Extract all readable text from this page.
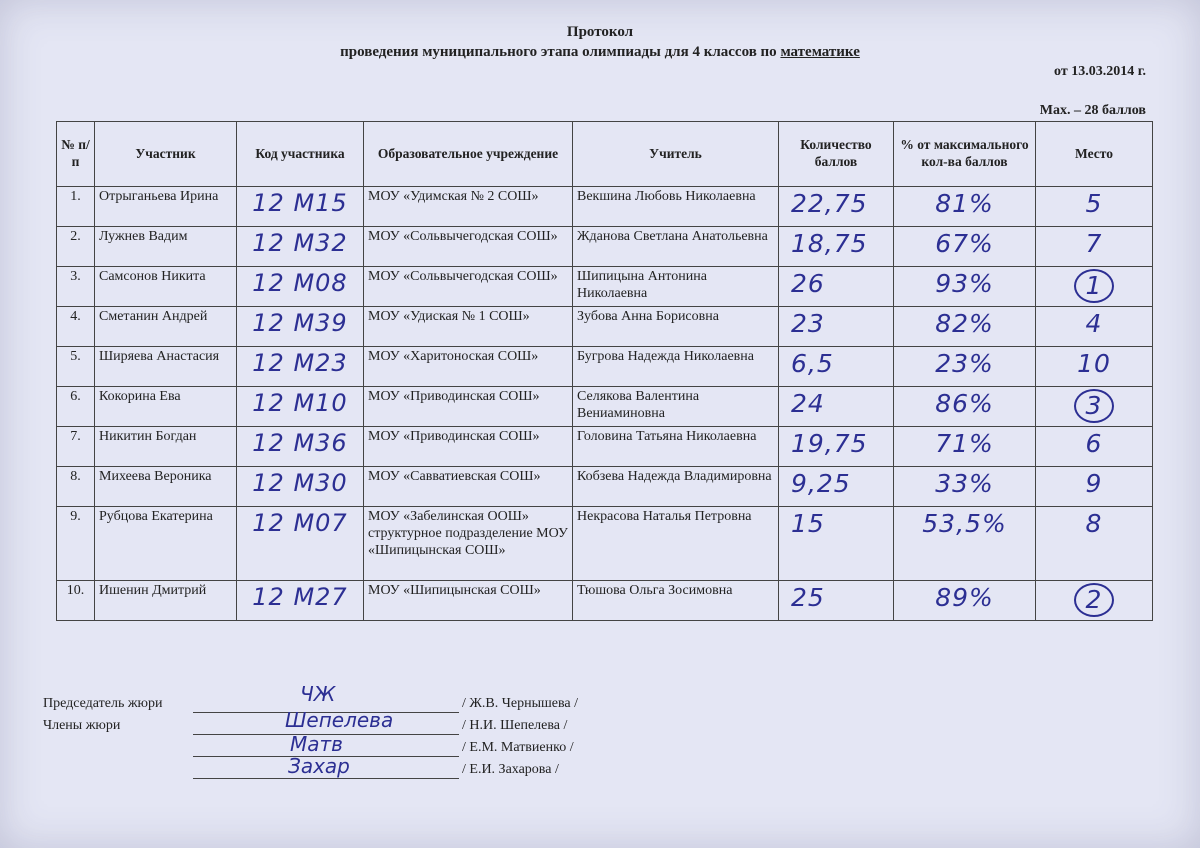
Протокол
проведения муниципального этапа олимпиады для 4 классов по математике
от 13.03.2014 г.
Max. – 28 баллов
№ п/п	Участник	Код участника	Образовательное учреждение	Учитель	Количество баллов	% от максимального кол-ва баллов	Место
1.	Отрыганьева Ирина	12 М15	МОУ «Удимская № 2 СОШ»	Векшина Любовь Николаевна	22,75	81%	5
2.	Лужнев Вадим	12 М32	МОУ «Сольвычегодская СОШ»	Жданова Светлана Анатольевна	18,75	67%	7
3.	Самсонов Никита	12 М08	МОУ «Сольвычегодская СОШ»	Шипицына Антонина Николаевна	26	93%	1
4.	Сметанин Андрей	12 М39	МОУ «Удиская № 1 СОШ»	Зубова Анна Борисовна	23	82%	4
5.	Ширяева Анастасия	12 М23	МОУ «Харитоноская СОШ»	Бугрова Надежда Николаевна	6,5	23%	10
6.	Кокорина Ева	12 М10	МОУ «Приводинская СОШ»	Селякова Валентина Вениаминовна	24	86%	3
7.	Никитин Богдан	12 М36	МОУ «Приводинская СОШ»	Головина Татьяна Николаевна	19,75	71%	6
8.	Михеева Вероника	12 М30	МОУ «Савватиевская СОШ»	Кобзева Надежда Владимировна	9,25	33%	9
9.	Рубцова Екатерина	12 М07	МОУ «Забелинская ООШ» структурное подразделение МОУ «Шипицынская СОШ»	Некрасова Наталья Петровна	15	53,5%	8
10.	Ишенин Дмитрий	12 М27	МОУ «Шипицынская СОШ»	Тюшова Ольга Зосимовна	25	89%	2
Председатель жюри
Члены жюри
ЧЖ
Шепелева
Матв
Захар
/ Ж.В. Чернышева /
/ Н.И. Шепелева /
/ Е.М. Матвиенко /
/ Е.И. Захарова /
